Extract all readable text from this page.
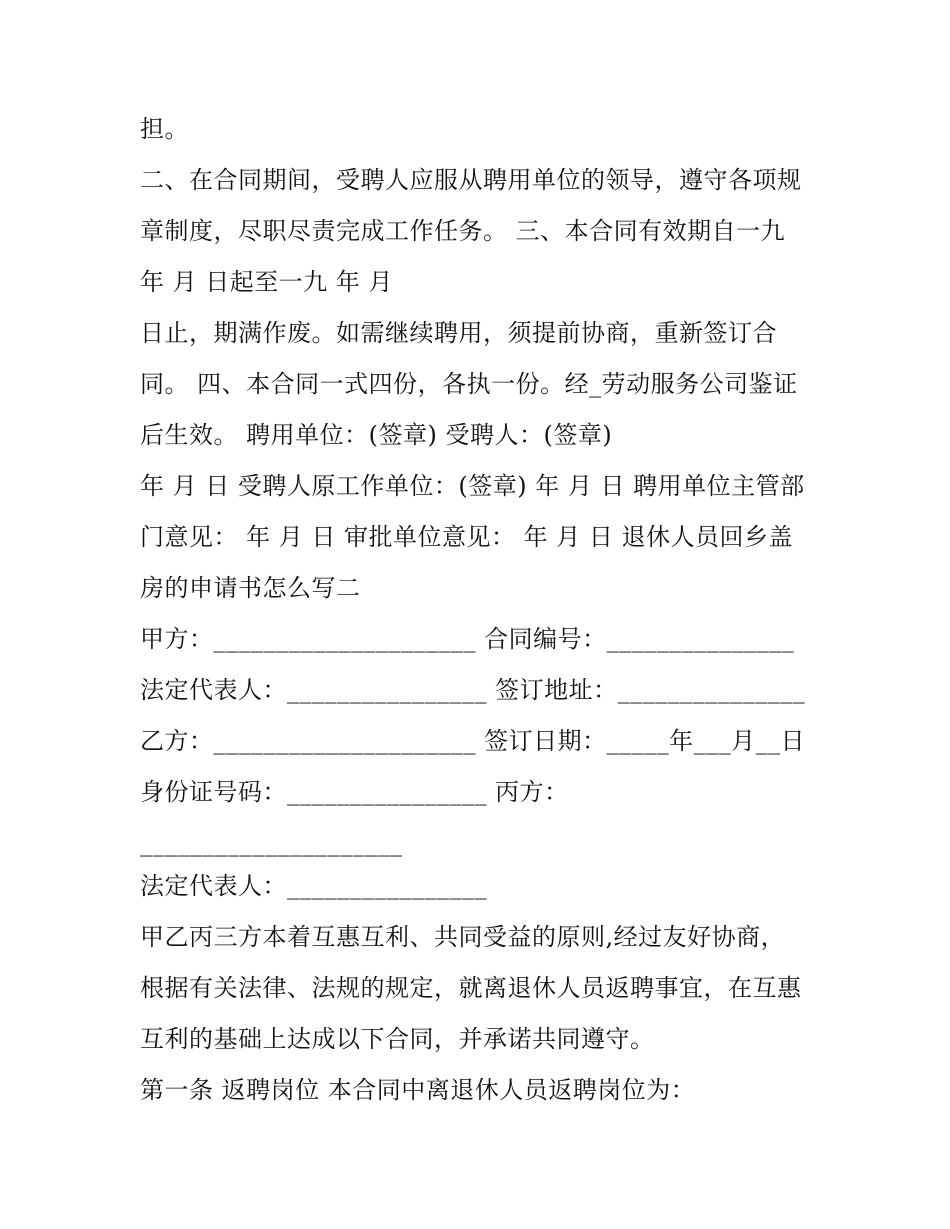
担。
二、在合同期间，受聘人应服从聘用单位的领导，遵守各项规
章制度，尽职尽责完成工作任务。 三、本合同有效期自一九
年 月 日起至一九 年 月
日止，期满作废。如需继续聘用，须提前协商，重新签订合
同。 四、本合同一式四份，各执一份。经_劳动服务公司鉴证
后生效。 聘用单位：(签章) 受聘人：(签章)
年 月 日 受聘人原工作单位：(签章) 年 月 日 聘用单位主管部
门意见： 年 月 日 审批单位意见： 年 月 日 退休人员回乡盖
房的申请书怎么写二
甲方：_____________________ 合同编号：_______________
法定代表人：________________ 签订地址：_______________
乙方：_____________________ 签订日期：_____年___月__日
身份证号码：________________ 丙方：
_____________________
法定代表人：________________
甲乙丙三方本着互惠互利、共同受益的原则,经过友好协商，
根据有关法律、法规的规定，就离退休人员返聘事宜，在互惠
互利的基础上达成以下合同，并承诺共同遵守。
第一条 返聘岗位 本合同中离退休人员返聘岗位为：
